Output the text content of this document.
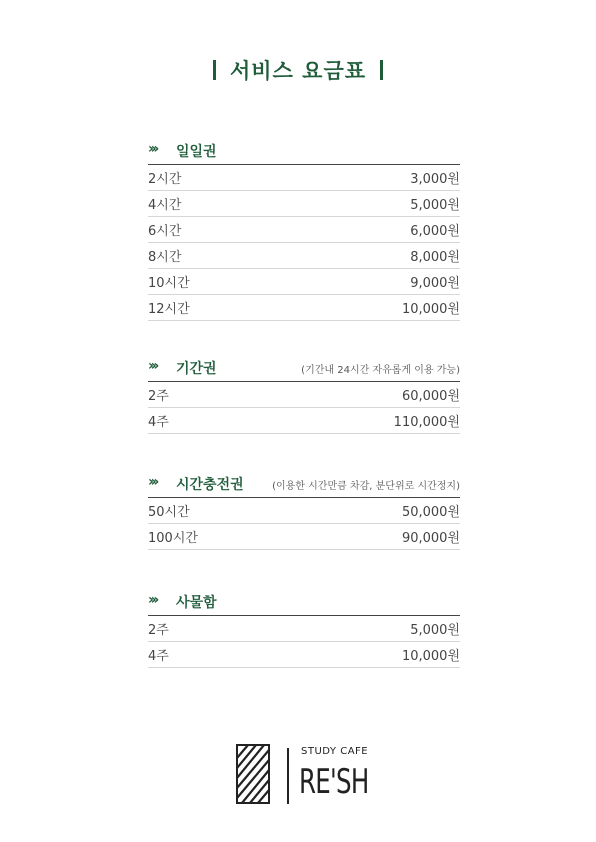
서비스 요금표
››› 일일권
2시간	3,000원
4시간	5,000원
6시간	6,000원
8시간	8,000원
10시간	9,000원
12시간	10,000원
››› 기간권	(기간내 24시간 자유롭게 이용 가능)
2주	60,000원
4주	110,000원
››› 시간충전권	(이용한 시간만큼 차감, 분단위로 시간정지)
50시간	50,000원
100시간	90,000원
››› 사물함
2주	5,000원
4주	10,000원
STUDY CAFE
RE'SH
